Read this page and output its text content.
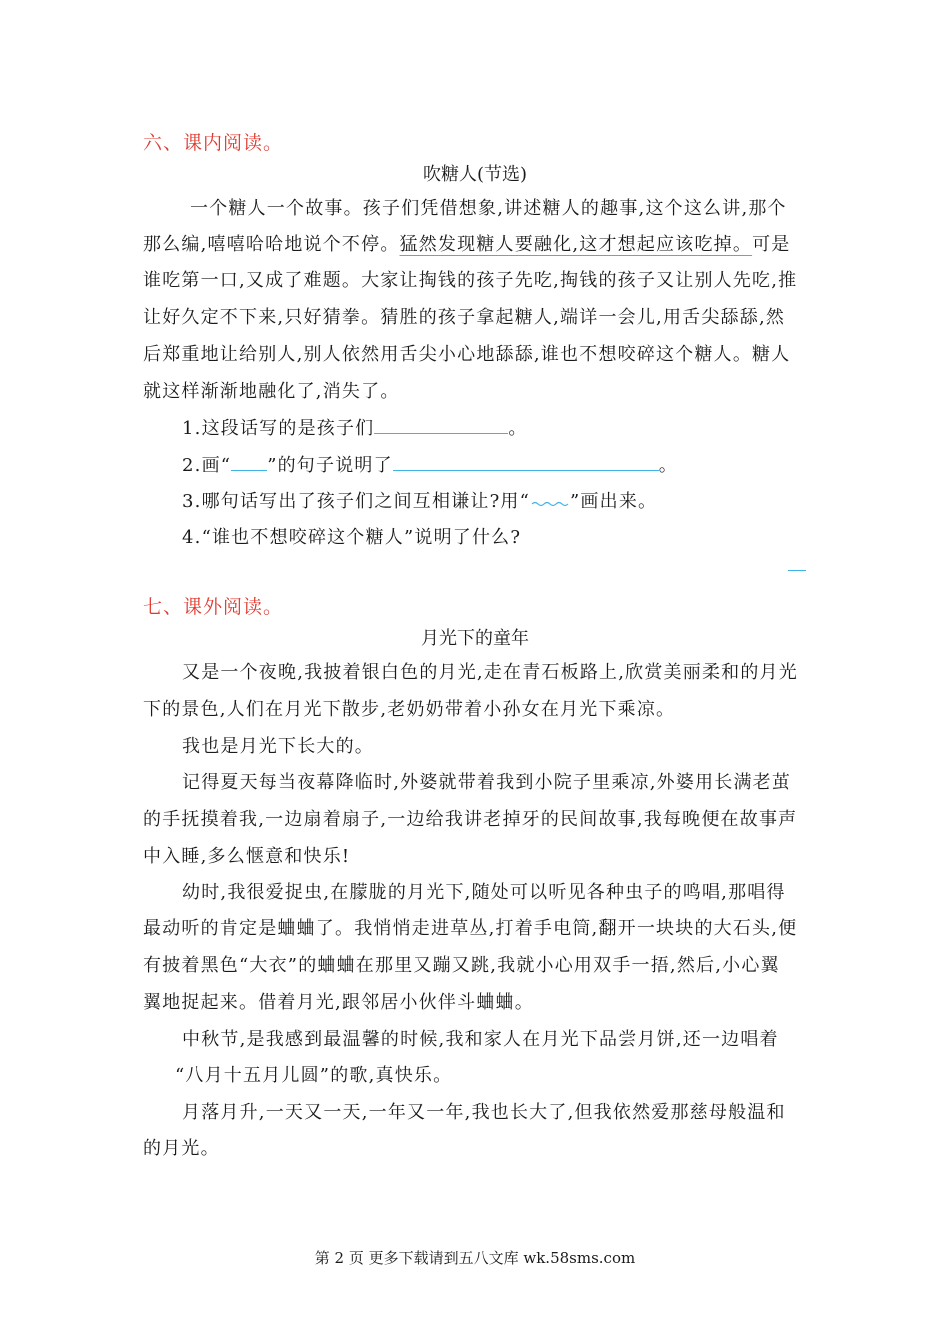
六、课内阅读。
吹糖人(节选)
一个糖人一个故事。孩子们凭借想象,讲述糖人的趣事,这个这么讲,那个
那么编,嘻嘻哈哈地说个不停。猛然发现糖人要融化,这才想起应该吃掉。可是
谁吃第一口,又成了难题。大家让掏钱的孩子先吃,掏钱的孩子又让别人先吃,推
让好久定不下来,只好猜拳。猜胜的孩子拿起糖人,端详一会儿,用舌尖舔舔,然
后郑重地让给别人,别人依然用舌尖小心地舔舔,谁也不想咬碎这个糖人。糖人
就这样渐渐地融化了,消失了。
1.这段话写的是孩子们	。
2.画“ ”的句子说明了	。
3.哪句话写出了孩子们之间互相谦让?用“ ”画出来。
4.“谁也不想咬碎这个糖人”说明了什么?
七、课外阅读。
月光下的童年
又是一个夜晚,我披着银白色的月光,走在青石板路上,欣赏美丽柔和的月光
下的景色,人们在月光下散步,老奶奶带着小孙女在月光下乘凉。
我也是月光下长大的。
记得夏天每当夜幕降临时,外婆就带着我到小院子里乘凉,外婆用长满老茧
的手抚摸着我,一边扇着扇子,一边给我讲老掉牙的民间故事,我每晚便在故事声
中入睡,多么惬意和快乐!
幼时,我很爱捉虫,在朦胧的月光下,随处可以听见各种虫子的鸣唱,那唱得
最动听的肯定是蛐蛐了。我悄悄走进草丛,打着手电筒,翻开一块块的大石头,便
有披着黑色“大衣”的蛐蛐在那里又蹦又跳,我就小心用双手一捂,然后,小心翼
翼地捉起来。借着月光,跟邻居小伙伴斗蛐蛐。
中秋节,是我感到最温馨的时候,我和家人在月光下品尝月饼,还一边唱着
“八月十五月儿圆”的歌,真快乐。
月落月升,一天又一天,一年又一年,我也长大了,但我依然爱那慈母般温和
的月光。
第 2 页 更多下载请到五八文库 wk.58sms.com
